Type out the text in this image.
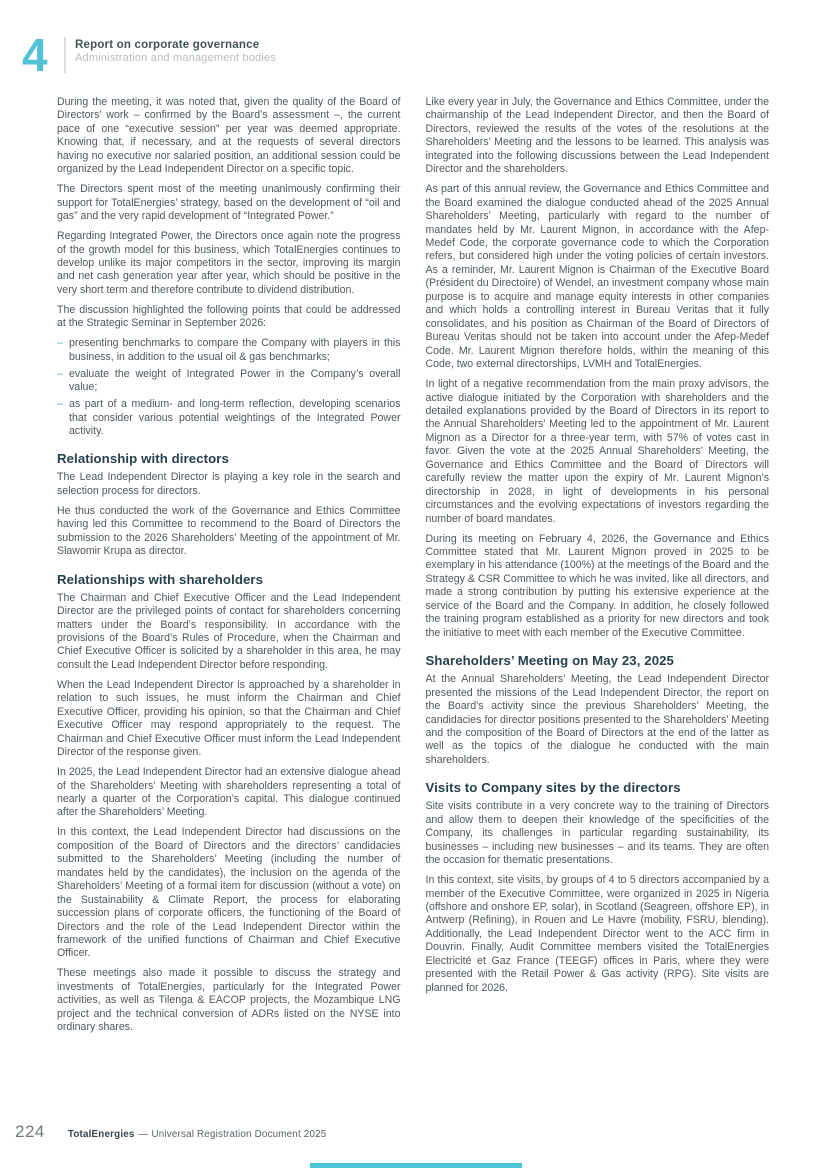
4	Report on corporate governance
Administration and management bodies

During the meeting, it was noted that, given the quality of the Board of Directors’ work – confirmed by the Board’s assessment –, the current pace of one “executive session” per year was deemed appropriate. Knowing that, if necessary, and at the requests of several directors having no executive nor salaried position, an additional session could be organized by the Lead Independent Director on a specific topic.

The Directors spent most of the meeting unanimously confirming their support for TotalEnergies’ strategy, based on the development of “oil and gas” and the very rapid development of “Integrated Power.”

Regarding Integrated Power, the Directors once again note the progress of the growth model for this business, which TotalEnergies continues to develop unlike its major competitors in the sector, improving its margin and net cash generation year after year, which should be positive in the very short term and therefore contribute to dividend distribution.

The discussion highlighted the following points that could be addressed at the Strategic Seminar in September 2026:

– presenting benchmarks to compare the Company with players in this business, in addition to the usual oil & gas benchmarks;
– evaluate the weight of Integrated Power in the Company’s overall value;
– as part of a medium- and long-term reflection, developing scenarios that consider various potential weightings of the Integrated Power activity.
Relationship with directors

The Lead Independent Director is playing a key role in the search and selection process for directors.

He thus conducted the work of the Governance and Ethics Committee having led this Committee to recommend to the Board of Directors the submission to the 2026 Shareholders’ Meeting of the appointment of Mr. Slawomir Krupa as director.

Relationships with shareholders

The Chairman and Chief Executive Officer and the Lead Independent Director are the privileged points of contact for shareholders concerning matters under the Board’s responsibility. In accordance with the provisions of the Board’s Rules of Procedure, when the Chairman and Chief Executive Officer is solicited by a shareholder in this area, he may consult the Lead Independent Director before responding.

When the Lead Independent Director is approached by a shareholder in relation to such issues, he must inform the Chairman and Chief Executive Officer, providing his opinion, so that the Chairman and Chief Executive Officer may respond appropriately to the request. The Chairman and Chief Executive Officer must inform the Lead Independent Director of the response given.

In 2025, the Lead Independent Director had an extensive dialogue ahead of the Shareholders’ Meeting with shareholders representing a total of nearly a quarter of the Corporation’s capital. This dialogue continued after the Shareholders’ Meeting.

In this context, the Lead Independent Director had discussions on the composition of the Board of Directors and the directors’ candidacies submitted to the Shareholders’ Meeting (including the number of mandates held by the candidates), the inclusion on the agenda of the Shareholders’ Meeting of a formal item for discussion (without a vote) on the Sustainability & Climate Report, the process for elaborating succession plans of corporate officers, the functioning of the Board of Directors and the role of the Lead Independent Director within the framework of the unified functions of Chairman and Chief Executive Officer.

These meetings also made it possible to discuss the strategy and investments of TotalEnergies, particularly for the Integrated Power activities, as well as Tilenga & EACOP projects, the Mozambique LNG project and the technical conversion of ADRs listed on the NYSE into ordinary shares.

Like every year in July, the Governance and Ethics Committee, under the chairmanship of the Lead Independent Director, and then the Board of Directors, reviewed the results of the votes of the resolutions at the Shareholders’ Meeting and the lessons to be learned. This analysis was integrated into the following discussions between the Lead Independent Director and the shareholders.

As part of this annual review, the Governance and Ethics Committee and the Board examined the dialogue conducted ahead of the 2025 Annual Shareholders’ Meeting, particularly with regard to the number of mandates held by Mr. Laurent Mignon, in accordance with the Afep-Medef Code, the corporate governance code to which the Corporation refers, but considered high under the voting policies of certain investors. As a reminder, Mr. Laurent Mignon is Chairman of the Executive Board (Président du Directoire) of Wendel, an investment company whose main purpose is to acquire and manage equity interests in other companies and which holds a controlling interest in Bureau Veritas that it fully consolidates, and his position as Chairman of the Board of Directors of Bureau Veritas should not be taken into account under the Afep-Medef Code. Mr. Laurent Mignon therefore holds, within the meaning of this Code, two external directorships, LVMH and TotalEnergies.

In light of a negative recommendation from the main proxy advisors, the active dialogue initiated by the Corporation with shareholders and the detailed explanations provided by the Board of Directors in its report to the Annual Shareholders’ Meeting led to the appointment of Mr. Laurent Mignon as a Director for a three-year term, with 57% of votes cast in favor. Given the vote at the 2025 Annual Shareholders’ Meeting, the Governance and Ethics Committee and the Board of Directors will carefully review the matter upon the expiry of Mr. Laurent Mignon’s directorship in 2028, in light of developments in his personal circumstances and the evolving expectations of investors regarding the number of board mandates.

During its meeting on February 4, 2026, the Governance and Ethics Committee stated that Mr. Laurent Mignon proved in 2025 to be exemplary in his attendance (100%) at the meetings of the Board and the Strategy & CSR Committee to which he was invited, like all directors, and made a strong contribution by putting his extensive experience at the service of the Board and the Company. In addition, he closely followed the training program established as a priority for new directors and took the initiative to meet with each member of the Executive Committee.

Shareholders’ Meeting on May 23, 2025

At the Annual Shareholders’ Meeting, the Lead Independent Director presented the missions of the Lead Independent Director, the report on the Board’s activity since the previous Shareholders’ Meeting, the candidacies for director positions presented to the Shareholders’ Meeting and the composition of the Board of Directors at the end of the latter as well as the topics of the dialogue he conducted with the main shareholders.

Visits to Company sites by the directors

Site visits contribute in a very concrete way to the training of Directors and allow them to deepen their knowledge of the specificities of the Company, its challenges in particular regarding sustainability, its businesses – including new businesses – and its teams. They are often the occasion for thematic presentations.

In this context, site visits, by groups of 4 to 5 directors accompanied by a member of the Executive Committee, were organized in 2025 in Nigeria (offshore and onshore EP, solar), in Scotland (Seagreen, offshore EP), in Antwerp (Refining), in Rouen and Le Havre (mobility, FSRU, blending). Additionally, the Lead Independent Director went to the ACC firm in Douvrin. Finally, Audit Committee members visited the TotalEnergies Electricité et Gaz France (TEEGF) offices in Paris, where they were presented with the Retail Power & Gas activity (RPG). Site visits are planned for 2026.

224 TotalEnergies — Universal Registration Document 2025
